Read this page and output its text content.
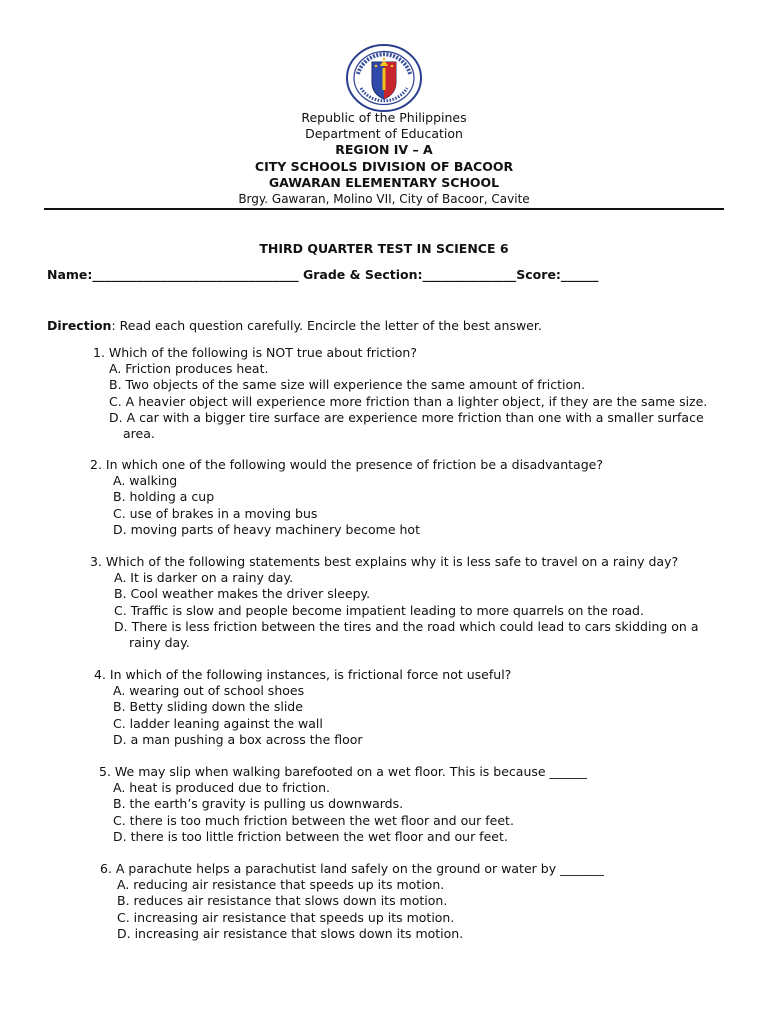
Republic of the Philippines
Department of Education
REGION IV – A
CITY SCHOOLS DIVISION OF BACOOR
GAWARAN ELEMENTARY SCHOOL
Brgy. Gawaran, Molino VII, City of Bacoor, Cavite
THIRD QUARTER TEST IN SCIENCE 6
Name:_________________________________ Grade & Section:_______________Score:______
Direction: Read each question carefully. Encircle the letter of the best answer.
1. Which of the following is NOT true about friction?
A. Friction produces heat.
B. Two objects of the same size will experience the same amount of friction.
C. A heavier object will experience more friction than a lighter object, if they are the same size.
D. A car with a bigger tire surface are experience more friction than one with a smaller surface
area.
2. In which one of the following would the presence of friction be a disadvantage?
A. walking
B. holding a cup
C. use of brakes in a moving bus
D. moving parts of heavy machinery become hot
3. Which of the following statements best explains why it is less safe to travel on a rainy day?
A. It is darker on a rainy day.
B. Cool weather makes the driver sleepy.
C. Traffic is slow and people become impatient leading to more quarrels on the road.
D. There is less friction between the tires and the road which could lead to cars skidding on a
rainy day.
4. In which of the following instances, is frictional force not useful?
A. wearing out of school shoes
B. Betty sliding down the slide
C. ladder leaning against the wall
D. a man pushing a box across the floor
5. We may slip when walking barefooted on a wet floor. This is because ______
A. heat is produced due to friction.
B. the earth’s gravity is pulling us downwards.
C. there is too much friction between the wet floor and our feet.
D. there is too little friction between the wet floor and our feet.
6. A parachute helps a parachutist land safely on the ground or water by _______
A. reducing air resistance that speeds up its motion.
B. reduces air resistance that slows down its motion.
C. increasing air resistance that speeds up its motion.
D. increasing air resistance that slows down its motion.
